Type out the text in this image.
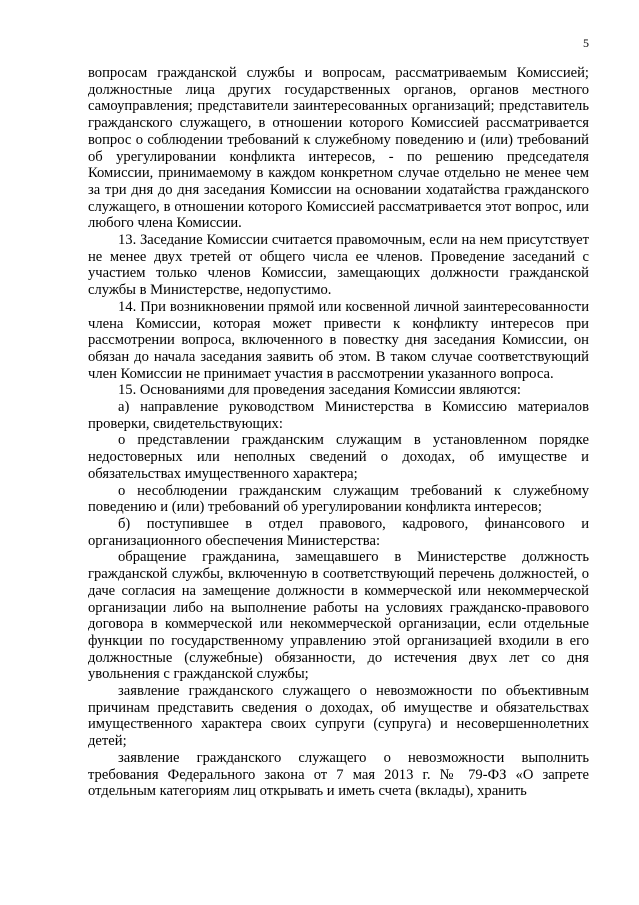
5

вопросам гражданской службы и вопросам, рассматриваемым Комиссией; должностные лица других государственных органов, органов местного самоуправления; представители заинтересованных организаций; представитель гражданского служащего, в отношении которого Комиссией рассматривается вопрос о соблюдении требований к служебному поведению и (или) требований об урегулировании конфликта интересов, - по решению председателя Комиссии, принимаемому в каждом конкретном случае отдельно не менее чем за три дня до дня заседания Комиссии на основании ходатайства гражданского служащего, в отношении которого Комиссией рассматривается этот вопрос, или любого члена Комиссии.

13. Заседание Комиссии считается правомочным, если на нем присутствует не менее двух третей от общего числа ее членов. Проведение заседаний с участием только членов Комиссии, замещающих должности гражданской службы в Министерстве, недопустимо.

14. При возникновении прямой или косвенной личной заинтересованности члена Комиссии, которая может привести к конфликту интересов при рассмотрении вопроса, включенного в повестку дня заседания Комиссии, он обязан до начала заседания заявить об этом. В таком случае соответствующий член Комиссии не принимает участия в рассмотрении указанного вопроса.

15. Основаниями для проведения заседания Комиссии являются:

а) направление руководством Министерства в Комиссию материалов проверки, свидетельствующих:

о представлении гражданским служащим в установленном порядке недостоверных или неполных сведений о доходах, об имуществе и обязательствах имущественного характера;

о несоблюдении гражданским служащим требований к служебному поведению и (или) требований об урегулировании конфликта интересов;

б) поступившее в отдел правового, кадрового, финансового и организационного обеспечения Министерства:

обращение гражданина, замещавшего в Министерстве должность гражданской службы, включенную в соответствующий перечень должностей, о даче согласия на замещение должности в коммерческой или некоммерческой организации либо на выполнение работы на условиях гражданско-правового договора в коммерческой или некоммерческой организации, если отдельные функции по государственному управлению этой организацией входили в его должностные (служебные) обязанности, до истечения двух лет со дня увольнения с гражданской службы;

заявление гражданского служащего о невозможности по объективным причинам представить сведения о доходах, об имуществе и обязательствах имущественного характера своих супруги (супруга) и несовершеннолетних детей;

заявление гражданского служащего о невозможности выполнить требования Федерального закона от 7 мая 2013 г. № 79-ФЗ «О запрете отдельным категориям лиц открывать и иметь счета (вклады), хранить
